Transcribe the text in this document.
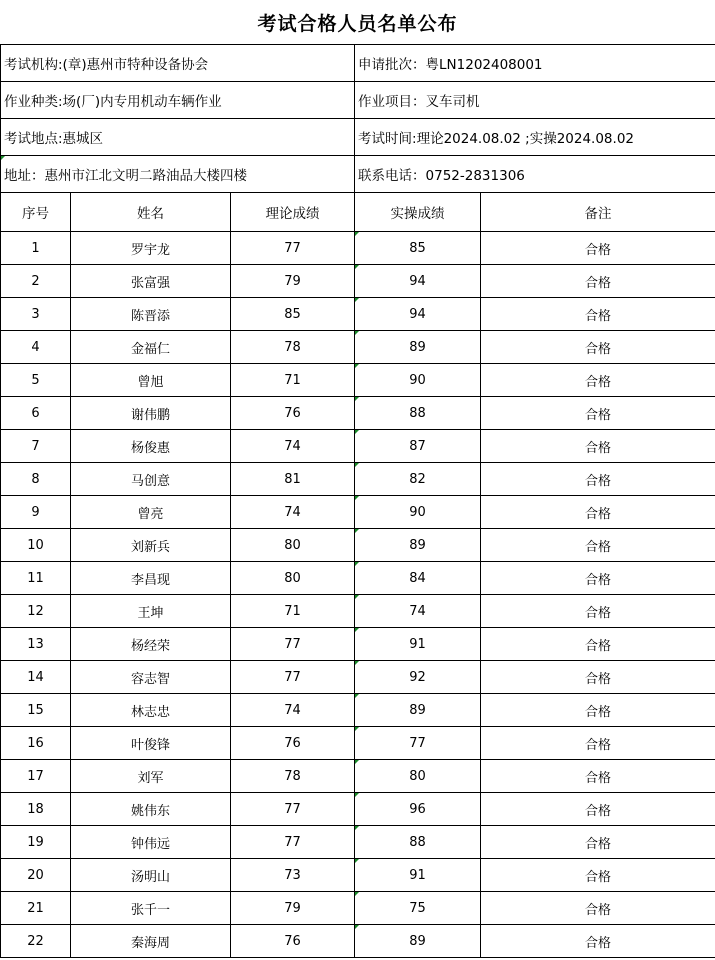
考试合格人员名单公布
考试机构:(章)惠州市特种设备协会			申请批次：粤LN1202408001	
作业种类:场(厂)内专用机动车辆作业			作业项目：叉车司机	
考试地点:惠城区			考试时间:理论2024.08.02 ;实操2024.08.02	
地址：惠州市江北文明二路油品大楼四楼			联系电话：0752-2831306	
序号	姓名	理论成绩	实操成绩	备注
1	罗宇龙	77	85	合格
2	张富强	79	94	合格
3	陈晋添	85	94	合格
4	金福仁	78	89	合格
5	曾旭	71	90	合格
6	谢伟鹏	76	88	合格
7	杨俊惠	74	87	合格
8	马创意	81	82	合格
9	曾亮	74	90	合格
10	刘新兵	80	89	合格
11	李昌现	80	84	合格
12	王坤	71	74	合格
13	杨经荣	77	91	合格
14	容志智	77	92	合格
15	林志忠	74	89	合格
16	叶俊锋	76	77	合格
17	刘军	78	80	合格
18	姚伟东	77	96	合格
19	钟伟远	77	88	合格
20	汤明山	73	91	合格
21	张千一	79	75	合格
22	秦海周	76	89	合格
